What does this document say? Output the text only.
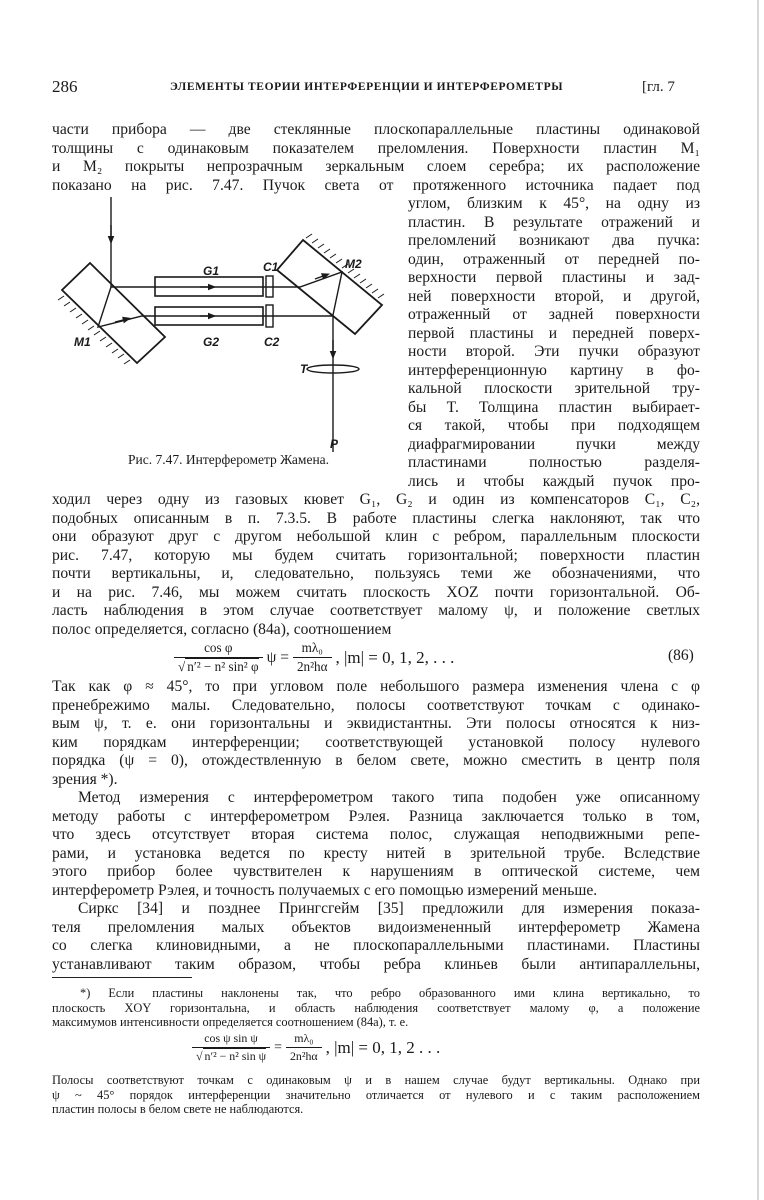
286	ЭЛЕМЕНТЫ ТЕОРИИ ИНТЕРФЕРЕНЦИИ И ИНТЕРФЕРОМЕТРЫ	[гл. 7
части прибора — две стеклянные плоскопараллельные пластины одинаковой
толщины с одинаковым показателем преломления. Поверхности пластин M₁
и M₂ покрыты непрозрачным зеркальным слоем серебра; их расположение
показано на рис. 7.47. Пучок света от протяженного источника падает под
углом, близким к 45°, на одну из
пластин. В результате отражений и
преломлений возникают два пучка:
один, отраженный от передней по-
верхности первой пластины и зад-
ней поверхности второй, и другой,
отраженный от задней поверхности
первой пластины и передней поверх-
ности второй. Эти пучки образуют
интерференционную картину в фо-
кальной плоскости зрительной тру-
бы T. Толщина пластин выбирает-
ся такой, чтобы при подходящем
диафрагмировании пучки между
пластинами полностью разделя-
лись и чтобы каждый пучок про-
ходил через одну из газовых кювет G₁, G₂ и один из компенсаторов C₁, C₂,
подобных описанным в п. 7.3.5. В работе пластины слегка наклоняют, так что
они образуют друг с другом небольшой клин с ребром, параллельным плоскости
рис. 7.47, которую мы будем считать горизонтальной; поверхности пластин
почти вертикальны, и, следовательно, пользуясь теми же обозначениями, что
и на рис. 7.46, мы можем считать плоскость XOZ почти горизонтальной. Об-
ласть наблюдения в этом случае соответствует малому ψ, и положение светлых
полос определяется, согласно (84а), соотношением
Так как φ ≈ 45°, то при угловом поле небольшого размера изменения члена с φ
пренебрежимо малы. Следовательно, полосы соответствуют точкам с одинако-
вым ψ, т. е. они горизонтальны и эквидистантны. Эти полосы относятся к низ-
ким порядкам интерференции; соответствующей установкой полосу нулевого
порядка (ψ = 0), отождествленную в белом свете, можно сместить в центр поля
зрения *).
Метод измерения с интерферометром такого типа подобен уже описанному
методу работы с интерферометром Рэлея. Разница заключается только в том,
что здесь отсутствует вторая система полос, служащая неподвижными репе-
рами, и установка ведется по кресту нитей в зрительной трубе. Вследствие
этого прибор более чувствителен к нарушениям в оптической системе, чем
интерферометр Рэлея, и точность получаемых с его помощью измерений меньше.
Сиркс [34] и позднее Прингсгейм [35] предложили для измерения показа-
теля преломления малых объектов видоизмененный интерферометр Жамена
со слегка клиновидными, а не плоскопараллельными пластинами. Пластины
устанавливают таким образом, чтобы ребра клиньев были антипараллельны,
*) Если пластины наклонены так, что ребро образованного ими клина вертикально, то
плоскость XOY горизонтальна, и область наблюдения соответствует малому φ, а положение
максимумов интенсивности определяется соотношением (84а), т. е.
Полосы соответствуют точкам с одинаковым ψ и в нашем случае будут вертикальны. Однако при
ψ ~ 45° порядок интерференции значительно отличается от нулевого и с таким расположением
пластин полосы в белом свете не наблюдаются.
G1	C1	M2
M1	G2	C2
T
P
Рис. 7.47. Интерферометр Жамена.
$\frac{\text{cos φ}}{\text{√ n′² − n² sin² φ}}$ $\psi = \frac{\text{mλ₀}}{\text{2n²hα}}$ , |m| = 0, 1, 2, . . .	(86)
$\frac{\text{cos ψ sin ψ}}{\text{√ n′² − n² sin ψ}} = \frac{\text{mλ₀}}{\text{2n²hα}}$ , |m| = 0, 1, 2 . . .
